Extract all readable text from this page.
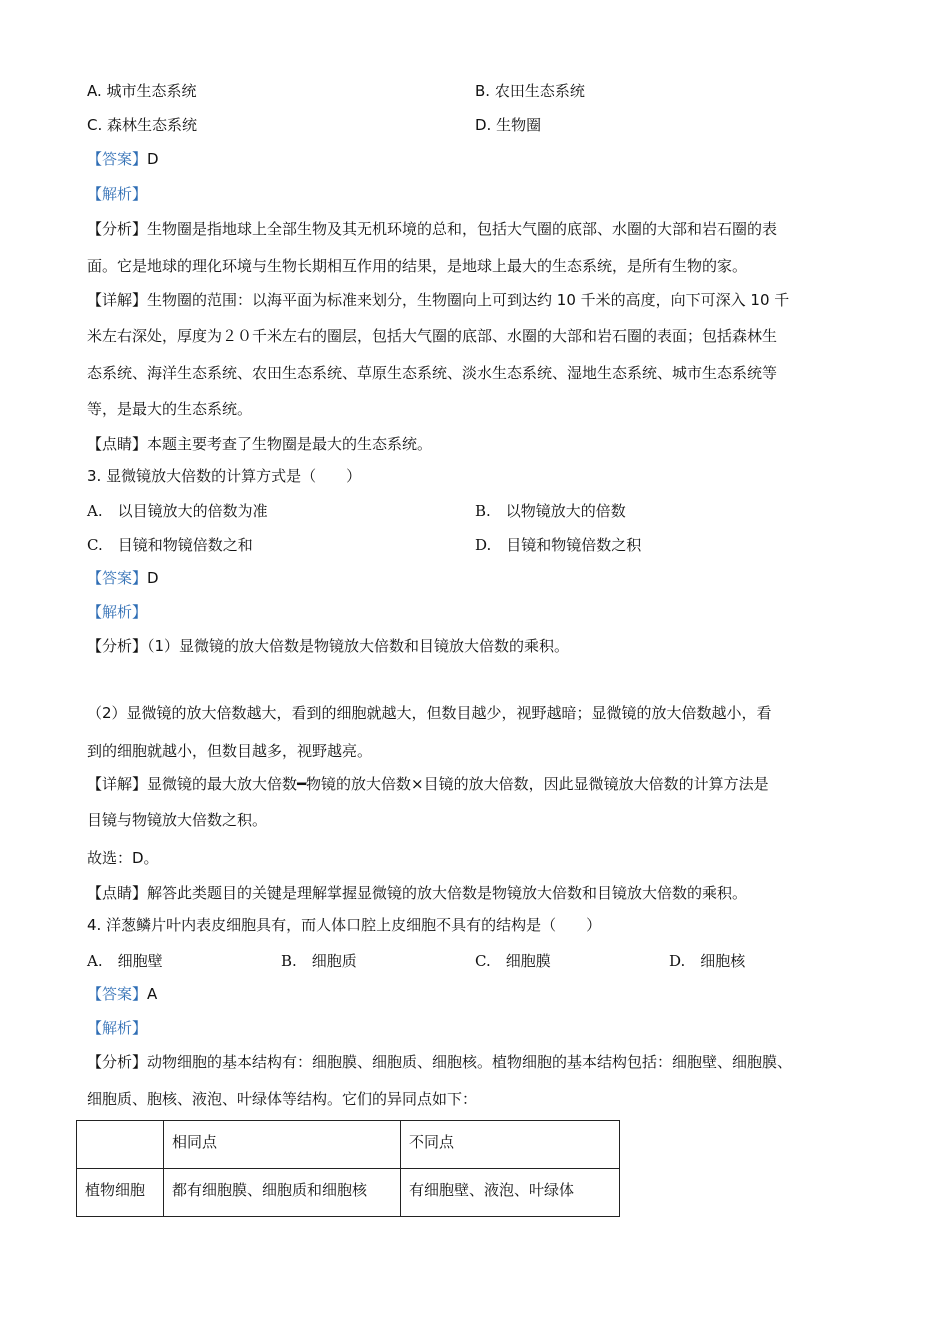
A. 城市生态系统	B. 农田生态系统
C. 森林生态系统	D. 生物圈
【答案】D
【解析】
【分析】生物圈是指地球上全部生物及其无机环境的总和，包括大气圈的底部、水圈的大部和岩石圈的表
面。它是地球的理化环境与生物长期相互作用的结果，是地球上最大的生态系统，是所有生物的家。
【详解】生物圈的范围：以海平面为标准来划分，生物圈向上可到达约 10 千米的高度，向下可深入 10 千
米左右深处，厚度为２０千米左右的圈层，包括大气圈的底部、水圈的大部和岩石圈的表面；包括森林生
态系统、海洋生态系统、农田生态系统、草原生态系统、淡水生态系统、湿地生态系统、城市生态系统等
等，是最大的生态系统。
【点睛】本题主要考查了生物圈是最大的生态系统。
3. 显微镜放大倍数的计算方式是（　　）
A.　以目镜放大的倍数为准	B.　以物镜放大的倍数
C.　目镜和物镜倍数之和	D.　目镜和物镜倍数之积
【答案】D
【解析】
【分析】（1）显微镜的放大倍数是物镜放大倍数和目镜放大倍数的乘积。
（2）显微镜的放大倍数越大，看到的细胞就越大，但数目越少，视野越暗；显微镜的放大倍数越小，看
到的细胞就越小，但数目越多，视野越亮。
【详解】显微镜的最大放大倍数━物镜的放大倍数×目镜的放大倍数，因此显微镜放大倍数的计算方法是
目镜与物镜放大倍数之积。
故选：D。
【点睛】解答此类题目的关键是理解掌握显微镜的放大倍数是物镜放大倍数和目镜放大倍数的乘积。
4. 洋葱鳞片叶内表皮细胞具有，而人体口腔上皮细胞不具有的结构是（　　）
A.　细胞壁	B.　细胞质	C.　细胞膜	D.　细胞核
【答案】A
【解析】
【分析】动物细胞的基本结构有：细胞膜、细胞质、细胞核。植物细胞的基本结构包括：细胞壁、细胞膜、
细胞质、胞核、液泡、叶绿体等结构。它们的异同点如下：
	相同点	不同点
植物细胞	都有细胞膜、细胞质和细胞核	有细胞壁、液泡、叶绿体
